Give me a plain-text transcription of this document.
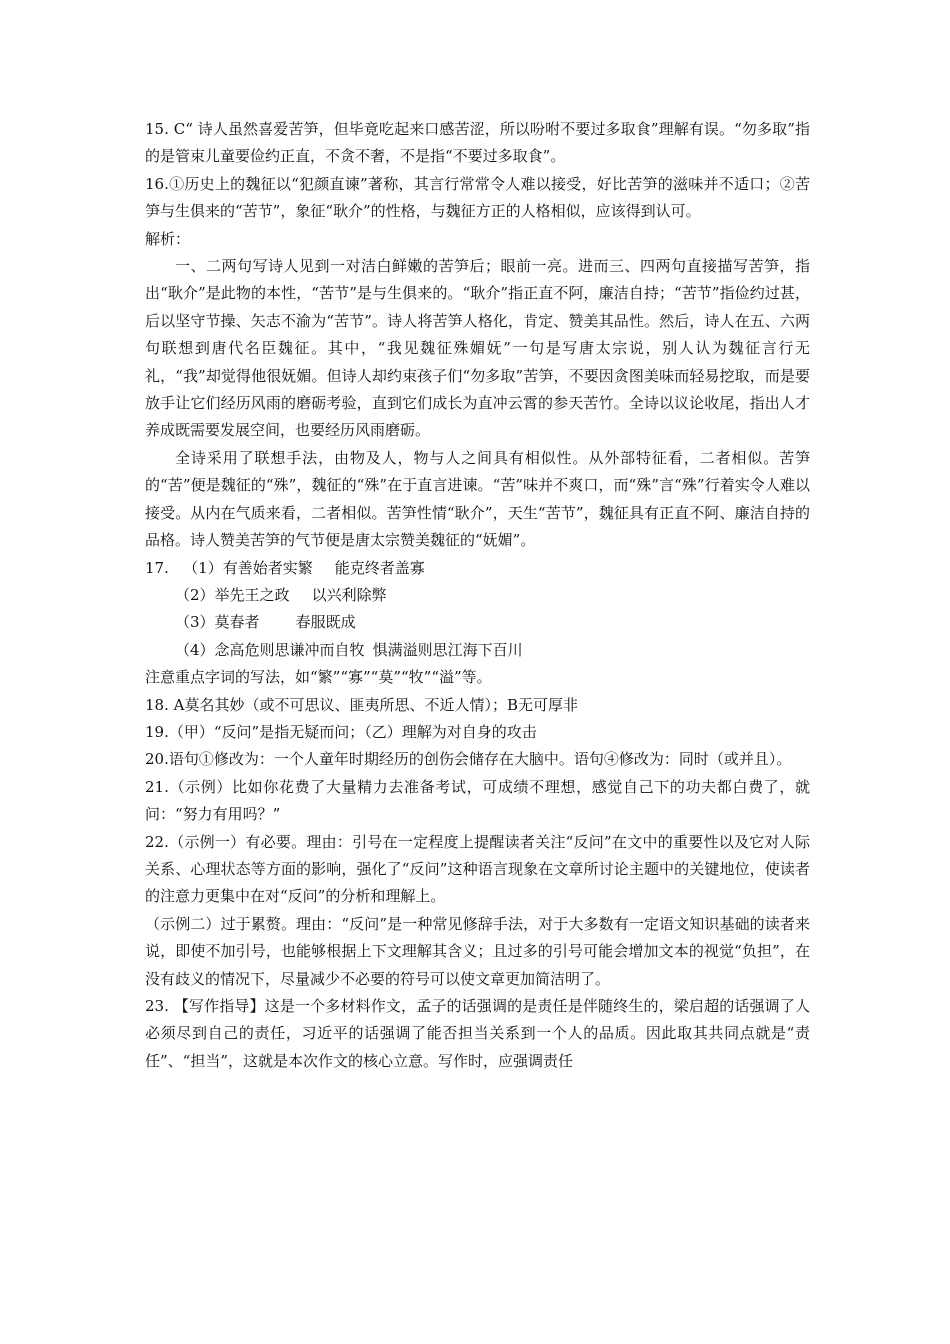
15. C“ 诗人虽然喜爱苦笋，但毕竟吃起来口感苦涩，所以吩咐不要过多取食”理解有误。“勿多取”指的是管束儿童要俭约正直，不贪不奢，不是指“不要过多取食”。

16.①历史上的魏征以“犯颜直谏”著称，其言行常常令人难以接受，好比苦笋的滋味并不适口；②苦笋与生俱来的“苦节”，象征“耿介”的性格，与魏征方正的人格相似，应该得到认可。

解析：

一、二两句写诗人见到一对洁白鲜嫩的苦笋后；眼前一亮。进而三、四两句直接描写苦笋，指出“耿介”是此物的本性，“苦节”是与生俱来的。“耿介”指正直不阿，廉洁自持；“苦节”指俭约过甚，后以坚守节操、矢志不渝为“苦节”。诗人将苦笋人格化，肯定、赞美其品性。然后，诗人在五、六两句联想到唐代名臣魏征。其中，“我见魏征殊媚妩”一句是写唐太宗说，别人认为魏征言行无礼，“我”却觉得他很妩媚。但诗人却约束孩子们“勿多取”苦笋，不要因贪图美味而轻易挖取，而是要放手让它们经历风雨的磨砺考验，直到它们成长为直冲云霄的参天苦竹。全诗以议论收尾，指出人才养成既需要发展空间，也要经历风雨磨砺。

全诗采用了联想手法，由物及人，物与人之间具有相似性。从外部特征看，二者相似。苦笋的“苦”便是魏征的“殊”，魏征的“殊”在于直言进谏。“苦”味并不爽口，而“殊”言“殊”行着实令人难以接受。从内在气质来看，二者相似。苦笋性情“耿介”，天生“苦节”，魏征具有正直不阿、廉洁自持的品格。诗人赞美苦笋的气节便是唐太宗赞美魏征的“妩媚”。

17. （1）有善始者实繁 能克终者盖寡

（2）举先王之政 以兴利除弊

（3）莫春者 春服既成

（4）念高危则思谦冲而自牧 惧满溢则思江海下百川

注意重点字词的写法，如“繁”“寡”“莫”“牧”“溢”等。

18. A莫名其妙（或不可思议、匪夷所思、不近人情）；B无可厚非

19.（甲）“反问”是指无疑而问；（乙）理解为对自身的攻击

20.语句①修改为：一个人童年时期经历的创伤会储存在大脑中。语句④修改为：同时（或并且）。

21.（示例）比如你花费了大量精力去准备考试，可成绩不理想，感觉自己下的功夫都白费了，就问：“努力有用吗？”

22.（示例一）有必要。理由：引号在一定程度上提醒读者关注“反问”在文中的重要性以及它对人际关系、心理状态等方面的影响，强化了“反问”这种语言现象在文章所讨论主题中的关键地位，使读者的注意力更集中在对“反问”的分析和理解上。

（示例二）过于累赘。理由：“反问”是一种常见修辞手法，对于大多数有一定语文知识基础的读者来说，即使不加引号，也能够根据上下文理解其含义；且过多的引号可能会增加文本的视觉“负担”，在没有歧义的情况下，尽量减少不必要的符号可以使文章更加简洁明了。

23. 【写作指导】这是一个多材料作文，孟子的话强调的是责任是伴随终生的，梁启超的话强调了人必须尽到自己的责任，习近平的话强调了能否担当关系到一个人的品质。因此取其共同点就是“责任”、“担当”，这就是本次作文的核心立意。写作时，应强调责任
